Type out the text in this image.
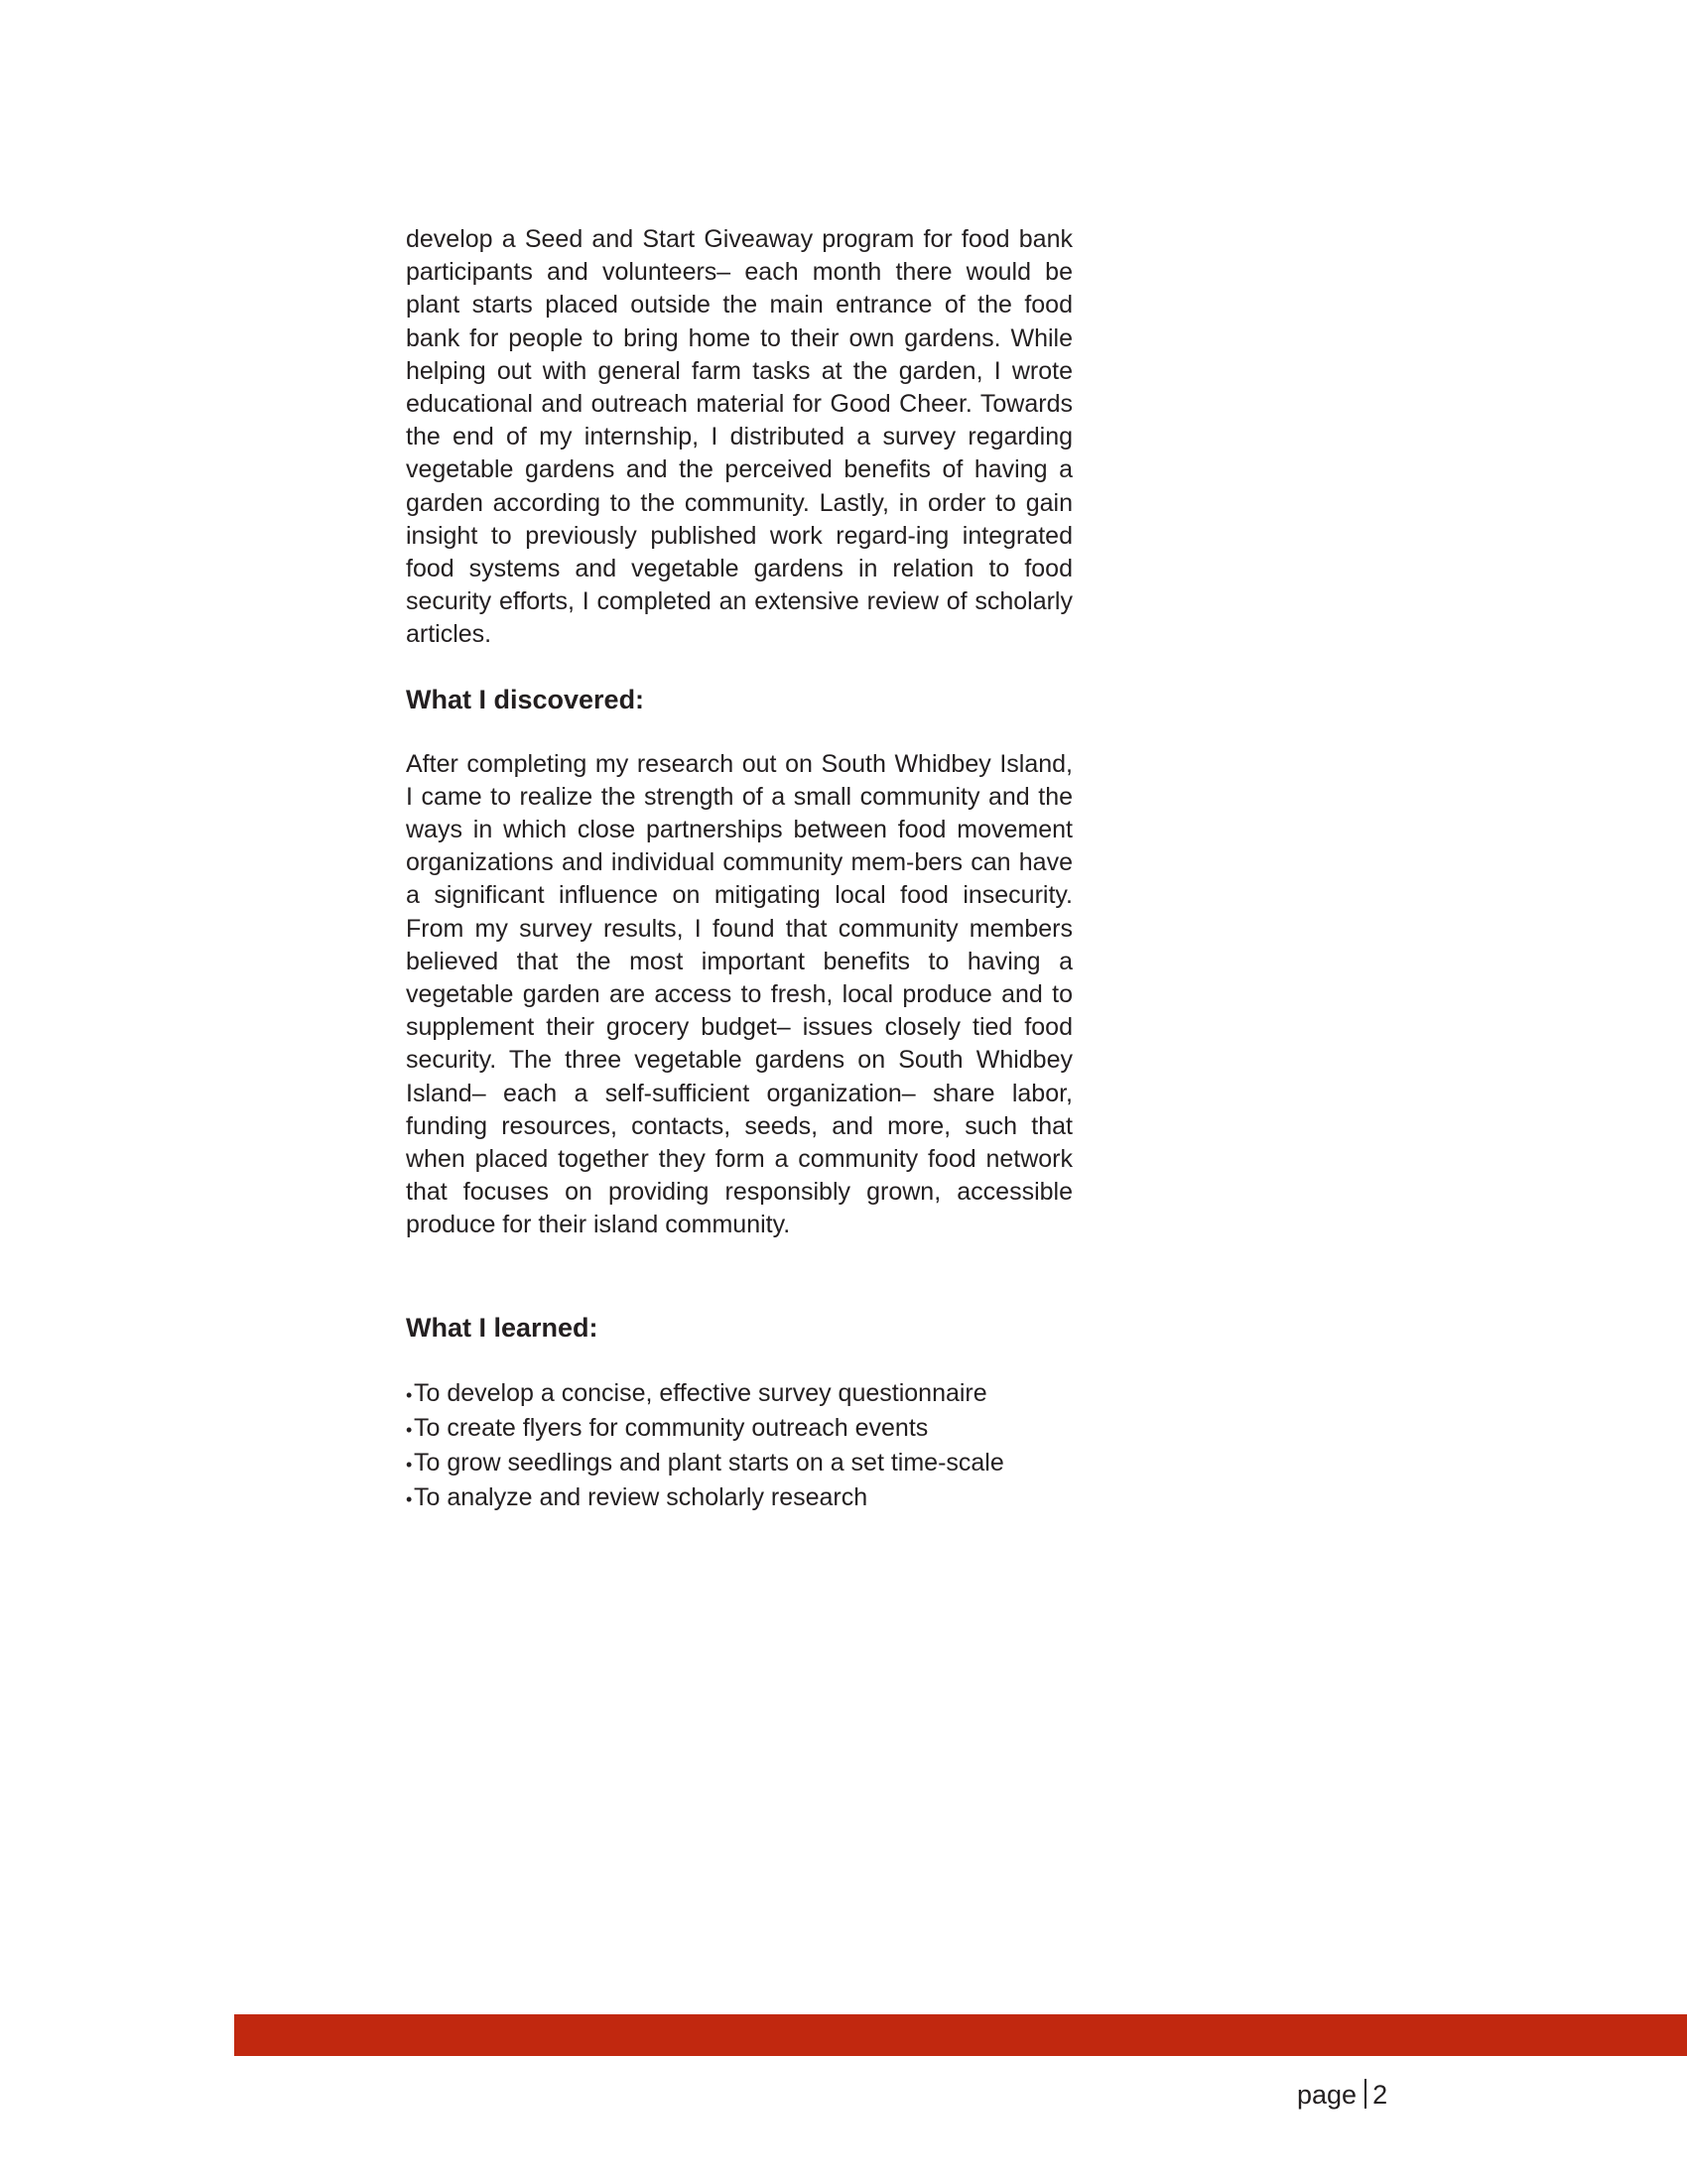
develop a Seed and Start Giveaway program for food bank participants and volunteers– each month there would be plant starts placed outside the main entrance of the food bank for people to bring home to their own gardens. While helping out with general farm tasks at the garden, I wrote educational and outreach material for Good Cheer. Towards the end of my internship, I distributed a survey regarding vegetable gardens and the perceived benefits of having a garden according to the community. Lastly, in order to gain insight to previously published work regard-ing integrated food systems and vegetable gardens in relation to food security efforts, I completed an extensive review of scholarly articles.

What I discovered:

After completing my research out on South Whidbey Island, I came to realize the strength of a small community and the ways in which close partnerships between food movement organizations and individual community mem-bers can have a significant influence on mitigating local food insecurity. From my survey results, I found that community members believed that the most important benefits to having a vegetable garden are access to fresh, local produce and to supplement their grocery budget– issues closely tied food security. The three vegetable gardens on South Whidbey Island– each a self-sufficient organization– share labor, funding resources, contacts, seeds, and more, such that when placed together they form a community food network that focuses on providing responsibly grown, accessible produce for their island community.

What I learned:
•To develop a concise, effective survey questionnaire
•To create flyers for community outreach events
•To grow seedlings and plant starts on a set time-scale
•To analyze and review scholarly research
page 2
